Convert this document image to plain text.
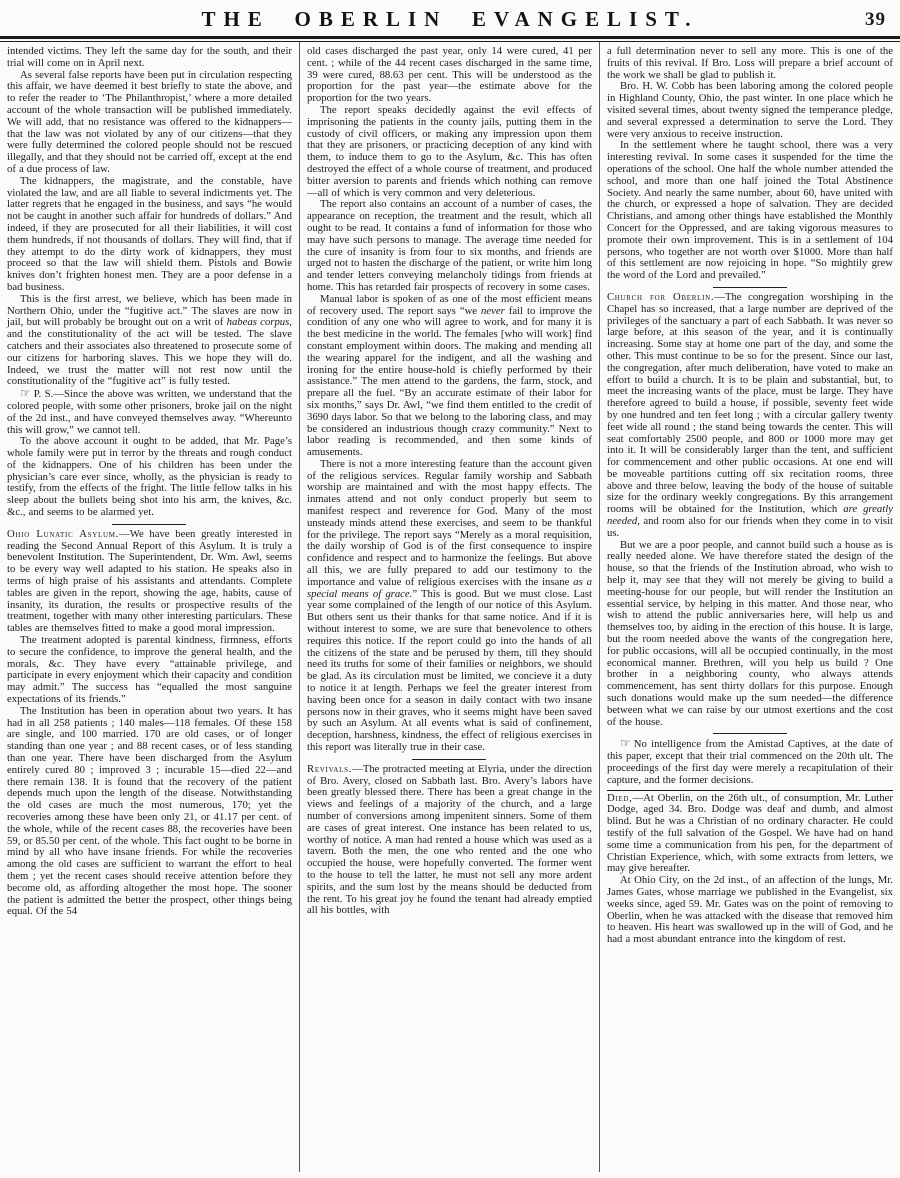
THE OBERLIN EVANGELIST.	39

intended victims. They left the same day for the south, and their trial will come on in April next.

As several false reports have been put in circulation respecting this affair, we have deemed it best briefly to state the above, and to refer the reader to ‘The Philanthropist,’ where a more detailed account of the whole transaction will be published immediately. We will add, that no resistance was offered to the kidnappers—that the law was not violated by any of our citizens—that they were fully determined the colored people should not be rescued illegally, and that they should not be carried off, except at the end of a due process of law.

The kidnappers, the magistrate, and the constable, have violated the law, and are all liable to several indictments yet. The latter regrets that he engaged in the business, and says “he would not be caught in another such affair for hundreds of dollars.” And indeed, if they are prosecuted for all their liabilities, it will cost them hundreds, if not thousands of dollars. They will find, that if they attempt to do the dirty work of kidnappers, they must proceed so that the law will shield them. Pistols and Bowie knives don’t frighten honest men. They are a poor defense in a bad business.

This is the first arrest, we believe, which has been made in Northern Ohio, under the “fugitive act.” The slaves are now in jail, but will probably be brought out on a writ of habeas corpus, and the constitutionality of the act will be tested. The slave catchers and their associates also threatened to prosecute some of our citizens for harboring slaves. This we hope they will do. Indeed, we trust the matter will not rest now until the constitutionality of the “fugitive act” is fully tested.

☞ P. S.—Since the above was written, we understand that the colored people, with some other prisoners, broke jail on the night of the 2d inst., and have conveyed themselves away. “Whereunto this will grow,” we cannot tell.

To the above account it ought to be added, that Mr. Page’s whole family were put in terror by the threats and rough conduct of the kidnappers. One of his children has been under the physician’s care ever since, wholly, as the physician is ready to testify, from the effects of the fright. The little fellow talks in his sleep about the bullets being shot into his arm, the knives, &c. &c., and seems to be alarmed yet.

Ohio Lunatic Asylum.—We have been greatly interested in reading the Second Annual Report of this Asylum. It is truly a benevolent Institution. The Superintendent, Dr. Wm. Awl, seems to be every way well adapted to his station. He speaks also in terms of high praise of his assistants and attendants. Complete tables are given in the report, showing the age, habits, cause of insanity, its duration, the results or prospective results of the treatment, together with many other interesting particulars. These tables are themselves fitted to make a good moral impression.

The treatment adopted is parental kindness, firmness, efforts to secure the confidence, to improve the general health, and the morals, &c. They have every “attainable privilege, and participate in every enjoyment which their capacity and condition may admit.” The success has “equalled the most sanguine expectations of its friends.”

The Institution has been in operation about two years. It has had in all 258 patients ; 140 males—118 females. Of these 158 are single, and 100 married. 170 are old cases, or of longer standing than one year ; and 88 recent cases, or of less standing than one year. There have been discharged from the Asylum entirely cured 80 ; improved 3 ; incurable 15—died 22—and there remain 138. It is found that the recovery of the patient depends much upon the length of the disease. Notwithstanding the old cases are much the most numerous, 170; yet the recoveries among these have been only 21, or 41.17 per cent. of the whole, while of the recent cases 88, the recoveries have been 59, or 85.50 per cent. of the whole. This fact ought to be borne in mind by all who have insane friends. For while the recoveries among the old cases are sufficient to warrant the effort to heal them ; yet the recent cases should receive attention before they become old, as affording altogether the most hope. The sooner the patient is admitted the better the prospect, other things being equal. Of the 54

old cases discharged the past year, only 14 were cured, 41 per cent. ; while of the 44 recent cases discharged in the same time, 39 were cured, 88.63 per cent. This will be understood as the proportion for the past year—the estimate above for the proportion for the two years.

The report speaks decidedly against the evil effects of imprisoning the patients in the county jails, putting them in the custody of civil officers, or making any impression upon them that they are prisoners, or practicing deception of any kind with them, to induce them to go to the Asylum, &c. This has often destroyed the effect of a whole course of treatment, and produced bitter aversion to parents and friends which nothing can remove—all of which is very common and very deleterious.

The report also contains an account of a number of cases, the appearance on reception, the treatment and the result, which all ought to be read. It contains a fund of information for those who may have such persons to manage. The average time needed for the cure of insanity is from four to six months, and friends are urged not to hasten the discharge of the patient, or write him long and tender letters conveying melancholy tidings from friends at home. This has retarded fair prospects of recovery in some cases.

Manual labor is spoken of as one of the most efficient means of recovery used. The report says “we never fail to improve the condition of any one who will agree to work, and for many it is the best medicine in the world. The females [who will work] find constant employment within doors. The making and mending all the wearing apparel for the indigent, and all the washing and ironing for the entire house-hold is chiefly performed by their assistance.” The men attend to the gardens, the farm, stock, and prepare all the fuel. “By an accurate estimate of their labor for six months,” says Dr. Awl, “we find them entitled to the credit of 3690 days labor. So that we belong to the laboring class, and may be considered an industrious though crazy community.” Next to labor reading is recommended, and then some kinds of amusements.

There is not a more interesting feature than the account given of the religious services. Regular family worship and Sabbath worship are maintained and with the most happy effects. The inmates attend and not only conduct properly but seem to manifest respect and reverence for God. Many of the most unsteady minds attend these exercises, and seem to be thankful for the privilege. The report says “Merely as a moral requisition, the daily worship of God is of the first consequence to inspire confidence and respect and to harmonize the feelings. But above all this, we are fully prepared to add our testimony to the importance and value of religious exercises with the insane as a special means of grace.” This is good. But we must close. Last year some complained of the length of our notice of this Asylum. But others sent us their thanks for that same notice. And if it is without interest to some, we are sure that benevolence to others requires this notice. If the report could go into the hands of all the citizens of the state and be perused by them, till they should need its truths for some of their families or neighbors, we should be glad. As its circulation must be limited, we concieve it a duty to notice it at length. Perhaps we feel the greater interest from having been once for a season in daily contact with two insane persons now in their graves, who it seems might have been saved by such an Asylum. At all events what is said of confinement, deception, harshness, kindness, the effect of religious exercises in this report was literally true in their case.

Revivals.—The protracted meeting at Elyria, under the direction of Bro. Avery, closed on Sabbath last. Bro. Avery’s labors have been greatly blessed there. There has been a great change in the views and feelings of a majority of the church, and a large number of conversions among impenitent sinners. Some of them are cases of great interest. One instance has been related to us, worthy of notice. A man had rented a house which was used as a tavern. Both the men, the one who rented and the one who occupied the house, were hopefully converted. The former went to the house to tell the latter, he must not sell any more ardent spirits, and the sum lost by the means should be deducted from the rent. To his great joy he found the tenant had already emptied all his bottles, with

a full determination never to sell any more. This is one of the fruits of this revival. If Bro. Loss will prepare a brief account of the work we shall be glad to publish it.

Bro. H. W. Cobb has been laboring among the colored people in Highland County, Ohio, the past winter. In one place which he visited several times, about twenty signed the temperance pledge, and several expressed a determination to serve the Lord. They were very anxious to receive instruction.

In the settlement where he taught school, there was a very interesting revival. In some cases it suspended for the time the operations of the school. One half the whole number attended the school, and more than one half joined the Total Abstinence Society. And nearly the same number, about 60, have united with the church, or expressed a hope of salvation. They are decided Christians, and among other things have established the Monthly Concert for the Oppressed, and are taking vigorous measures to promote their own improvement. This is in a settlement of 104 persons, who together are not worth over $1000. More than half of this settlement are now rejoicing in hope. “So mightily grew the word of the Lord and prevailed.”

Church for Oberlin.—The congregation worshiping in the Chapel has so increased, that a large number are deprived of the privileges of the sanctuary a part of each Sabbath. It was never so large before, at this season of the year, and it is continually increasing. Some stay at home one part of the day, and some the other. This must continue to be so for the present. Since our last, the congregation, after much deliberation, have voted to make an effort to build a church. It is to be plain and substantial, but, to meet the increasing wants of the place, must be large. They have therefore agreed to build a house, if possible, seventy feet wide by one hundred and ten feet long ; with a circular gallery twenty feet wide all round ; the stand being towards the center. This will seat comfortably 2500 people, and 800 or 1000 more may get into it. It will be considerably larger than the tent, and sufficient for commencement and other public occasions. At one end will be moveable partitions cutting off six recitation rooms, three above and three below, leaving the body of the house of suitable size for the ordinary weekly congregations. By this arrangement rooms will be obtained for the Institution, which are greatly needed, and room also for our friends when they come in to visit us.

But we are a poor people, and cannot build such a house as is really needed alone. We have therefore stated the design of the house, so that the friends of the Institution abroad, who wish to help it, may see that they will not merely be giving to build a meeting-house for our people, but will render the Institution an essential service, by helping in this matter. And those near, who wish to attend the public anniversaries here, will help us and themselves too, by aiding in the erection of this house. It is large, but the room needed above the wants of the congregation here, for public occasions, will all be occupied continually, in the most economical manner. Brethren, will you help us build ? One brother in a neighboring county, who always attends commencement, has sent thirty dollars for this purpose. Enough such donations would make up the sum needed—the difference between what we can raise by our utmost exertions and the cost of the house.

☞ No intelligence from the Amistad Captives, at the date of this paper, except that their trial commenced on the 20th ult. The proceedings of the first day were merely a recapitulation of their capture, and the former decisions.

Died,—At Oberlin, on the 26th ult., of consumption, Mr. Luther Dodge, aged 34. Bro. Dodge was deaf and dumb, and almost blind. But he was a Christian of no ordinary character. He could testify of the full salvation of the Gospel. We have had on hand some time a communication from his pen, for the department of Christian Experience, which, with some extracts from letters, we may give hereafter.

At Ohio City, on the 2d inst., of an affection of the lungs, Mr. James Gates, whose marriage we published in the Evangelist, six weeks since, aged 59. Mr. Gates was on the point of removing to Oberlin, when he was attacked with the disease that removed him to heaven. His heart was swallowed up in the will of God, and he had a most abundant entrance into the kingdom of rest.
